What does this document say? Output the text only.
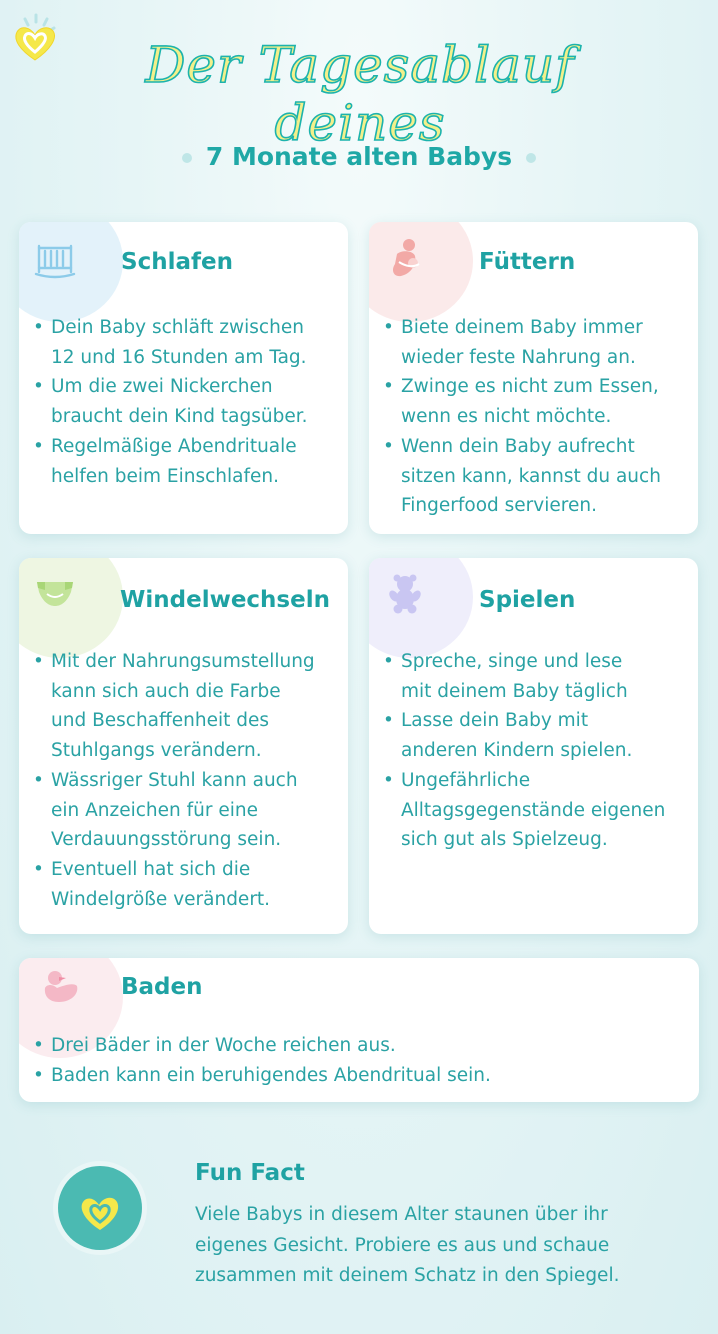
Der Tagesablauf deines
7 Monate alten Babys
Schlafen
• Dein Baby schläft zwischen
12 und 16 Stunden am Tag.
• Um die zwei Nickerchen
braucht dein Kind tagsüber.
• Regelmäßige Abendrituale
helfen beim Einschlafen.
Füttern
• Biete deinem Baby immer
wieder feste Nahrung an.
• Zwinge es nicht zum Essen,
wenn es nicht möchte.
• Wenn dein Baby aufrecht
sitzen kann, kannst du auch
Fingerfood servieren.
Windelwechseln
• Mit der Nahrungsumstellung
kann sich auch die Farbe
und Beschaffenheit des
Stuhlgangs verändern.
• Wässriger Stuhl kann auch
ein Anzeichen für eine
Verdauungsstörung sein.
• Eventuell hat sich die
Windelgröße verändert.
Spielen
• Spreche, singe und lese
mit deinem Baby täglich
• Lasse dein Baby mit
anderen Kindern spielen.
• Ungefährliche
Alltagsgegenstände eigenen
sich gut als Spielzeug.
Baden
• Drei Bäder in der Woche reichen aus.
• Baden kann ein beruhigendes Abendritual sein.
Fun Fact
Viele Babys in diesem Alter staunen über ihr
eigenes Gesicht. Probiere es aus und schaue
zusammen mit deinem Schatz in den Spiegel.
